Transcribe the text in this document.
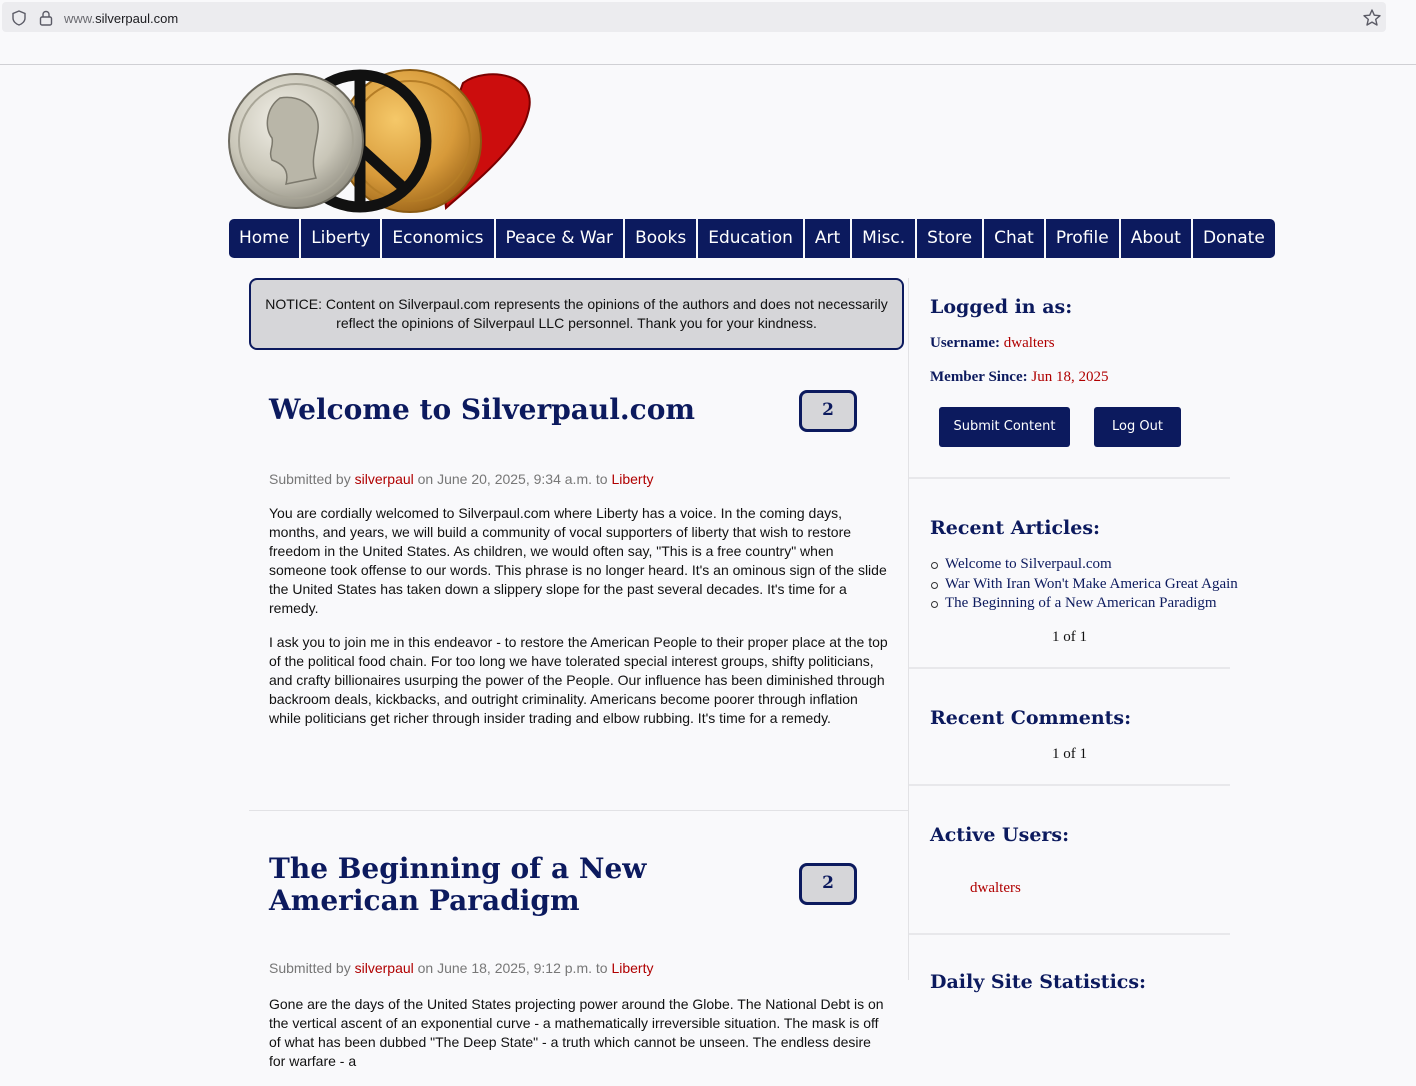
www.silverpaul.com
Home	Liberty	Economics	Peace & War	Books	Education	Art	Misc.	Store	Chat	Profile	About	Donate
NOTICE: Content on Silverpaul.com represents the opinions of the authors and does not necessarily reflect the opinions of Silverpaul LLC personnel. Thank you for your kindness.
Welcome to Silverpaul.com	2
Submitted by silverpaul on June 20, 2025, 9:34 a.m. to Liberty

You are cordially welcomed to Silverpaul.com where Liberty has a voice. In the coming days, months, and years, we will build a community of vocal supporters of liberty that wish to restore freedom in the United States. As children, we would often say, "This is a free country" when someone took offense to our words. This phrase is no longer heard. It's an ominous sign of the slide the United States has taken down a slippery slope for the past several decades. It's time for a remedy.

I ask you to join me in this endeavor - to restore the American People to their proper place at the top of the political food chain. For too long we have tolerated special interest groups, shifty politicians, and crafty billionaires usurping the power of the People. Our influence has been diminished through backroom deals, kickbacks, and outright criminality. Americans become poorer through inflation while politicians get richer through insider trading and elbow rubbing. It's time for a remedy.

The Beginning of a New American Paradigm
2
Submitted by silverpaul on June 18, 2025, 9:12 p.m. to Liberty

Gone are the days of the United States projecting power around the Globe. The National Debt is on the vertical ascent of an exponential curve - a mathematically irreversible situation. The mask is off of what has been dubbed "The Deep State" - a truth which cannot be unseen. The endless desire for warfare - a

Logged in as:
Username: dwalters
Member Since: Jun 18, 2025
Submit Content	Log Out
Recent Articles:
Welcome to Silverpaul.com
War With Iran Won't Make America Great Again
The Beginning of a New American Paradigm
1 of 1
Recent Comments:
1 of 1
Active Users:
dwalters
Daily Site Statistics:
